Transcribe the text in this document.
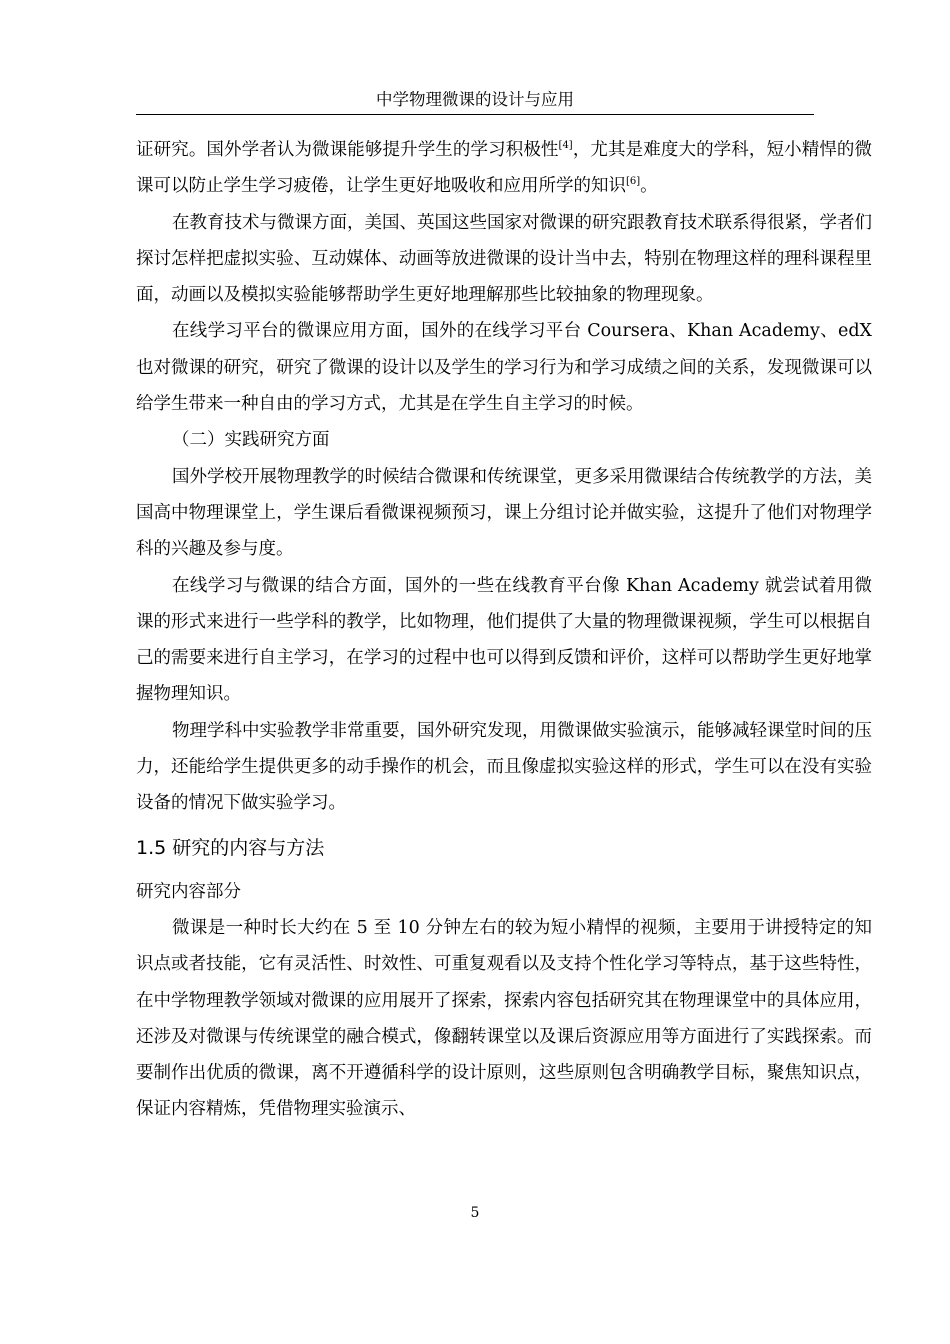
中学物理微课的设计与应用

证研究。国外学者认为微课能够提升学生的学习积极性[4]，尤其是难度大的学科，短小精悍的微课可以防止学生学习疲倦，让学生更好地吸收和应用所学的知识[6]。

在教育技术与微课方面，美国、英国这些国家对微课的研究跟教育技术联系得很紧，学者们探讨怎样把虚拟实验、互动媒体、动画等放进微课的设计当中去，特别在物理这样的理科课程里面，动画以及模拟实验能够帮助学生更好地理解那些比较抽象的物理现象。

在线学习平台的微课应用方面，国外的在线学习平台 Coursera、Khan Academy、edX 也对微课的研究，研究了微课的设计以及学生的学习行为和学习成绩之间的关系，发现微课可以给学生带来一种自由的学习方式，尤其是在学生自主学习的时候。

（二）实践研究方面

国外学校开展物理教学的时候结合微课和传统课堂，更多采用微课结合传统教学的方法，美国高中物理课堂上，学生课后看微课视频预习，课上分组讨论并做实验，这提升了他们对物理学科的兴趣及参与度。

在线学习与微课的结合方面，国外的一些在线教育平台像 Khan Academy 就尝试着用微课的形式来进行一些学科的教学，比如物理，他们提供了大量的物理微课视频，学生可以根据自己的需要来进行自主学习，在学习的过程中也可以得到反馈和评价，这样可以帮助学生更好地掌握物理知识。

物理学科中实验教学非常重要，国外研究发现，用微课做实验演示，能够减轻课堂时间的压力，还能给学生提供更多的动手操作的机会，而且像虚拟实验这样的形式，学生可以在没有实验设备的情况下做实验学习。

1.5 研究的内容与方法

研究内容部分

微课是一种时长大约在 5 至 10 分钟左右的较为短小精悍的视频，主要用于讲授特定的知识点或者技能，它有灵活性、时效性、可重复观看以及支持个性化学习等特点，基于这些特性，在中学物理教学领域对微课的应用展开了探索，探索内容包括研究其在物理课堂中的具体应用，还涉及对微课与传统课堂的融合模式，像翻转课堂以及课后资源应用等方面进行了实践探索。而要制作出优质的微课，离不开遵循科学的设计原则，这些原则包含明确教学目标，聚焦知识点，保证内容精炼，凭借物理实验演示、

5
